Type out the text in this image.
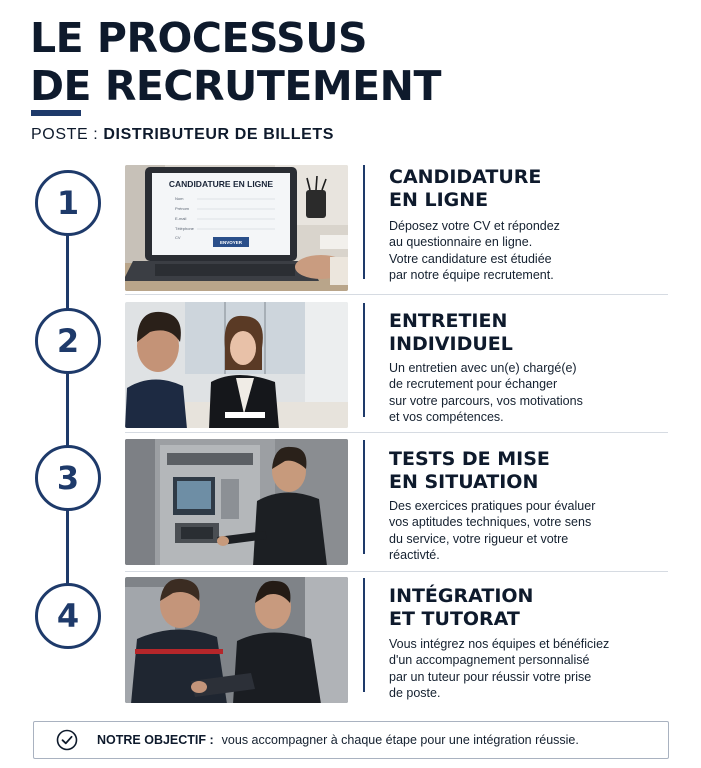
LE PROCESSUS
DE RECRUTEMENT
POSTE : DISTRIBUTEUR DE BILLETS
1	CANDIDATURE EN LIGNE
Nom
Prénom
E-mail
Téléphone
CV
ENVOYER
CANDIDATURE
EN LIGNE
Déposez votre CV et répondez
au questionnaire en ligne.
Votre candidature est étudiée
par notre équipe recrutement.
2
ENTRETIEN
INDIVIDUEL
Un entretien avec un(e) chargé(e)
de recrutement pour échanger
sur votre parcours, vos motivations
et vos compétences.
3	TESTS DE MISE
EN SITUATION
Des exercices pratiques pour évaluer
vos aptitudes techniques, votre sens
du service, votre rigueur et votre
réactivté.
4
INTÉGRATION
ET TUTORAT
Vous intégrez nos équipes et bénéficiez
d'un accompagnement personnalisé
par un tuteur pour réussir votre prise
de poste.
NOTRE OBJECTIF : vous accompagner à chaque étape pour une intégration réussie.
